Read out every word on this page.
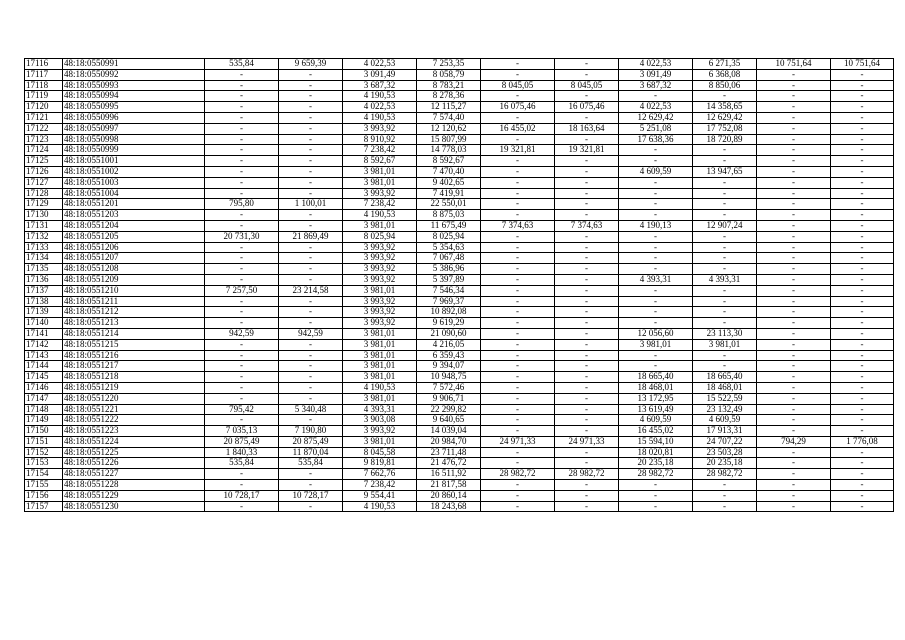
17116	48:18:0550991	535,84	9 659,39	4 022,53	7 253,35	-	-	4 022,53	6 271,35	10 751,64	10 751,64
17117	48:18:0550992	-	-	3 091,49	8 058,79	-	-	3 091,49	6 368,08	-	-
17118	48:18:0550993	-	-	3 687,32	8 783,21	8 045,05	8 045,05	3 687,32	8 850,06	-	-
17119	48:18:0550994	-	-	4 190,53	8 278,36	-	-	-	-	-	-
17120	48:18:0550995	-	-	4 022,53	12 115,27	16 075,46	16 075,46	4 022,53	14 358,65	-	-
17121	48:18:0550996	-	-	4 190,53	7 574,40	-	-	12 629,42	12 629,42	-	-
17122	48:18:0550997	-	-	3 993,92	12 120,62	16 455,02	18 163,64	5 251,08	17 752,08	-	-
17123	48:18:0550998	-	-	8 910,92	15 807,99	-	-	17 638,36	18 720,89	-	-
17124	48:18:0550999	-	-	7 238,42	14 778,03	19 321,81	19 321,81	-	-	-	-
17125	48:18:0551001	-	-	8 592,67	8 592,67	-	-	-	-	-	-
17126	48:18:0551002	-	-	3 981,01	7 470,40	-	-	4 609,59	13 947,65	-	-
17127	48:18:0551003	-	-	3 981,01	9 402,65	-	-	-	-	-	-
17128	48:18:0551004	-	-	3 993,92	7 419,91	-	-	-	-	-	-
17129	48:18:0551201	795,80	1 100,01	7 238,42	22 550,01	-	-	-	-	-	-
17130	48:18:0551203	-	-	4 190,53	8 875,03	-	-	-	-	-	-
17131	48:18:0551204	-	-	3 981,01	11 675,49	7 374,63	7 374,63	4 190,13	12 907,24	-	-
17132	48:18:0551205	20 731,30	21 869,49	8 025,94	8 025,94	-	-	-	-	-	-
17133	48:18:0551206	-	-	3 993,92	5 354,63	-	-	-	-	-	-
17134	48:18:0551207	-	-	3 993,92	7 067,48	-	-	-	-	-	-
17135	48:18:0551208	-	-	3 993,92	5 386,96	-	-	-	-	-	-
17136	48:18:0551209	-	-	3 993,92	5 397,89	-	-	4 393,31	4 393,31	-	-
17137	48:18:0551210	7 257,50	23 214,58	3 981,01	7 546,34	-	-	-	-	-	-
17138	48:18:0551211	-	-	3 993,92	7 969,37	-	-	-	-	-	-
17139	48:18:0551212	-	-	3 993,92	10 892,08	-	-	-	-	-	-
17140	48:18:0551213	-	-	3 993,92	9 619,29	-	-	-	-	-	-
17141	48:18:0551214	942,59	942,59	3 981,01	21 090,60	-	-	12 056,60	23 113,30	-	-
17142	48:18:0551215	-	-	3 981,01	4 216,05	-	-	3 981,01	3 981,01	-	-
17143	48:18:0551216	-	-	3 981,01	6 359,43	-	-	-	-	-	-
17144	48:18:0551217	-	-	3 981,01	9 394,07	-	-	-	-	-	-
17145	48:18:0551218	-	-	3 981,01	10 948,75	-	-	18 665,40	18 665,40	-	-
17146	48:18:0551219	-	-	4 190,53	7 572,46	-	-	18 468,01	18 468,01	-	-
17147	48:18:0551220	-	-	3 981,01	9 906,71	-	-	13 172,95	15 522,59	-	-
17148	48:18:0551221	795,42	5 340,48	4 393,31	22 299,82	-	-	13 619,49	23 132,49	-	-
17149	48:18:0551222	-	-	3 903,08	9 640,65	-	-	4 609,59	4 609,59	-	-
17150	48:18:0551223	7 035,13	7 190,80	3 993,92	14 039,04	-	-	16 455,02	17 913,31	-	-
17151	48:18:0551224	20 875,49	20 875,49	3 981,01	20 984,70	24 971,33	24 971,33	15 594,10	24 707,22	794,29	1 776,08
17152	48:18:0551225	1 840,33	11 870,04	8 045,58	23 711,48	-	-	18 020,81	23 503,28	-	-
17153	48:18:0551226	535,84	535,84	9 819,81	21 476,72	-	-	20 235,18	20 235,18	-	-
17154	48:18:0551227	-	-	7 662,76	16 511,92	28 982,72	28 982,72	28 982,72	28 982,72	-	-
17155	48:18:0551228	-	-	7 238,42	21 817,58	-	-	-	-	-	-
17156	48:18:0551229	10 728,17	10 728,17	9 554,41	20 860,14	-	-	-	-	-	-
17157	48:18:0551230	-	-	4 190,53	18 243,68	-	-	-	-	-	-
